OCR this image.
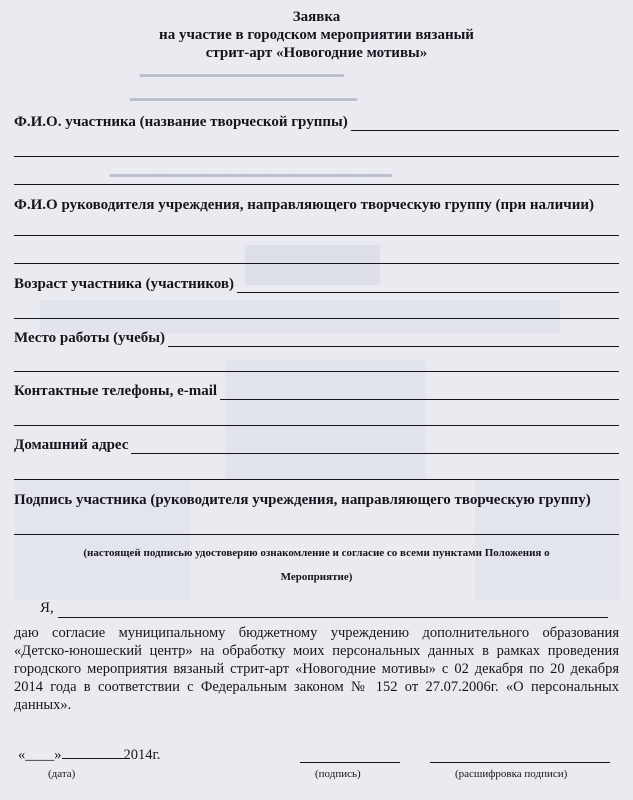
━━━━━━━━━━━━━━━━━━━━━━━━━━
━━━━━━━━━━━━━━━━━━━━━━━━━━━━━
━━━━━━━━━━━━━━━━━━━━━━━━━━━━━━━━━━━━
Заявка
на участие в городском мероприятии вязаный
стрит-арт «Новогодние мотивы»
Ф.И.О. участника (название творческой группы)
Ф.И.О руководителя учреждения, направляющего творческую группу (при наличии)
Возраст участника (участников)
Место работы (учебы)
Контактные телефоны, e-mail
Домашний адрес
Подпись участника (руководителя учреждения, направляющего творческую группу)
(настоящей подписью удостоверяю ознакомление и согласие со всеми пунктами Положения о
Мероприятие)
Я,
даю согласие муниципальному бюджетному учреждению дополнительного образования «Детско-юношеский центр» на обработку моих персональных данных в рамках проведения городского мероприятия вязаный стрит-арт «Новогодние мотивы» с 02 декабря по 20 декабря 2014 года в соответствии с Федеральным законом № 152 от 27.07.2006г. «О персональных данных».
«____»	2014г.
(дата)	(подпись)	(расшифровка подписи)
